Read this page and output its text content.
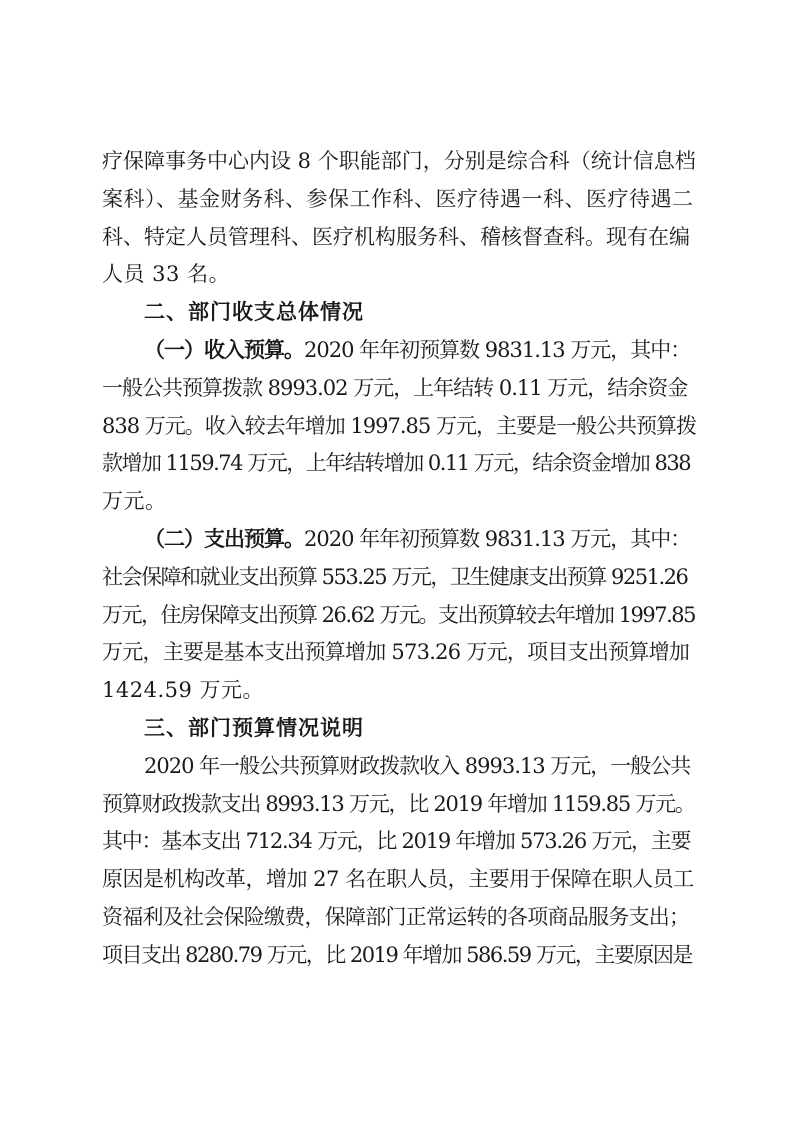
疗保障事务中心内设 8 个职能部门，分别是综合科（统计信息档
案科）、基金财务科、参保工作科、医疗待遇一科、医疗待遇二
科、特定人员管理科、医疗机构服务科、稽核督查科。现有在编
人员 33 名。
二、部门收支总体情况
（一）收入预算。2020 年年初预算数 9831.13 万元，其中：
一般公共预算拨款 8993.02 万元，上年结转 0.11 万元，结余资金
838 万元。收入较去年增加 1997.85 万元，主要是一般公共预算拨
款增加 1159.74 万元，上年结转增加 0.11 万元，结余资金增加 838
万元。
（二）支出预算。2020 年年初预算数 9831.13 万元，其中：
社会保障和就业支出预算 553.25 万元，卫生健康支出预算 9251.26
万元，住房保障支出预算 26.62 万元。支出预算较去年增加 1997.85
万元，主要是基本支出预算增加 573.26 万元，项目支出预算增加
1424.59 万元。
三、部门预算情况说明
2020 年一般公共预算财政拨款收入 8993.13 万元，一般公共
预算财政拨款支出 8993.13 万元，比 2019 年增加 1159.85 万元。
其中：基本支出 712.34 万元，比 2019 年增加 573.26 万元，主要
原因是机构改革，增加 27 名在职人员，主要用于保障在职人员工
资福利及社会保险缴费，保障部门正常运转的各项商品服务支出；
项目支出 8280.79 万元，比 2019 年增加 586.59 万元，主要原因是
